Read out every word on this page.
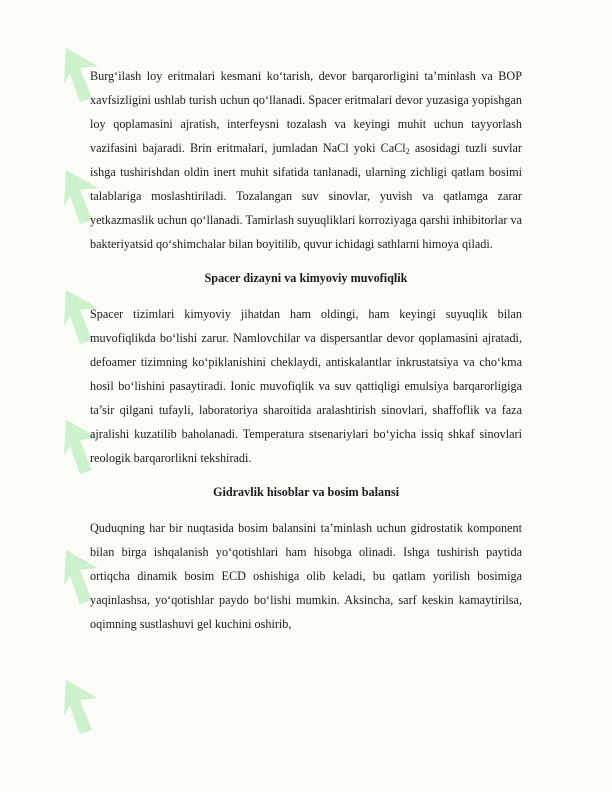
Burg‘ilash loy eritmalari kesmani ko‘tarish, devor barqarorligini ta’minlash va BOP xavfsizligini ushlab turish uchun qo‘llanadi. Spacer eritmalari devor yuzasiga yopishgan loy qoplamasini ajratish, interfeysni tozalash va keyingi muhit uchun tayyorlash vazifasini bajaradi. Brin eritmalari, jumladan NaCl yoki CaCl$_2$ asosidagi tuzli suvlar ishga tushirishdan oldin inert muhit sifatida tanlanadi, ularning zichligi qatlam bosimi talablariga moslashtiriladi. Tozalangan suv sinovlar, yuvish va qatlamga zarar yetkazmaslik uchun qo‘llanadi. Tamirlash suyuqliklari korroziyaga qarshi inhibitorlar va bakteriyatsid qo‘shimchalar bilan boyitilib, quvur ichidagi sathlarni himoya qiladi.

Spacer dizayni va kimyoviy muvofiqlik

Spacer tizimlari kimyoviy jihatdan ham oldingi, ham keyingi suyuqlik bilan muvofiqlikda bo‘lishi zarur. Namlovchilar va dispersantlar devor qoplamasini ajratadi, defoamer tizimning ko‘piklanishini cheklaydi, antiskalantlar inkrustatsiya va cho‘kma hosil bo‘lishini pasaytiradi. Ionic muvofiqlik va suv qattiqligi emulsiya barqarorligiga ta’sir qilgani tufayli, laboratoriya sharoitida aralashtirish sinovlari, shaffoflik va faza ajralishi kuzatilib baholanadi. Temperatura stsenariylari bo‘yicha issiq shkaf sinovlari reologik barqarorlikni tekshiradi.

Gidravlik hisoblar va bosim balansi

Quduqning har bir nuqtasida bosim balansini ta’minlash uchun gidrostatik komponent bilan birga ishqalanish yo‘qotishlari ham hisobga olinadi. Ishga tushirish paytida ortiqcha dinamik bosim ECD oshishiga olib keladi, bu qatlam yorilish bosimiga yaqinlashsa, yo‘qotishlar paydo bo‘lishi mumkin. Aksincha, sarf keskin kamaytirilsa, oqimning sustlashuvi gel kuchini oshirib,
